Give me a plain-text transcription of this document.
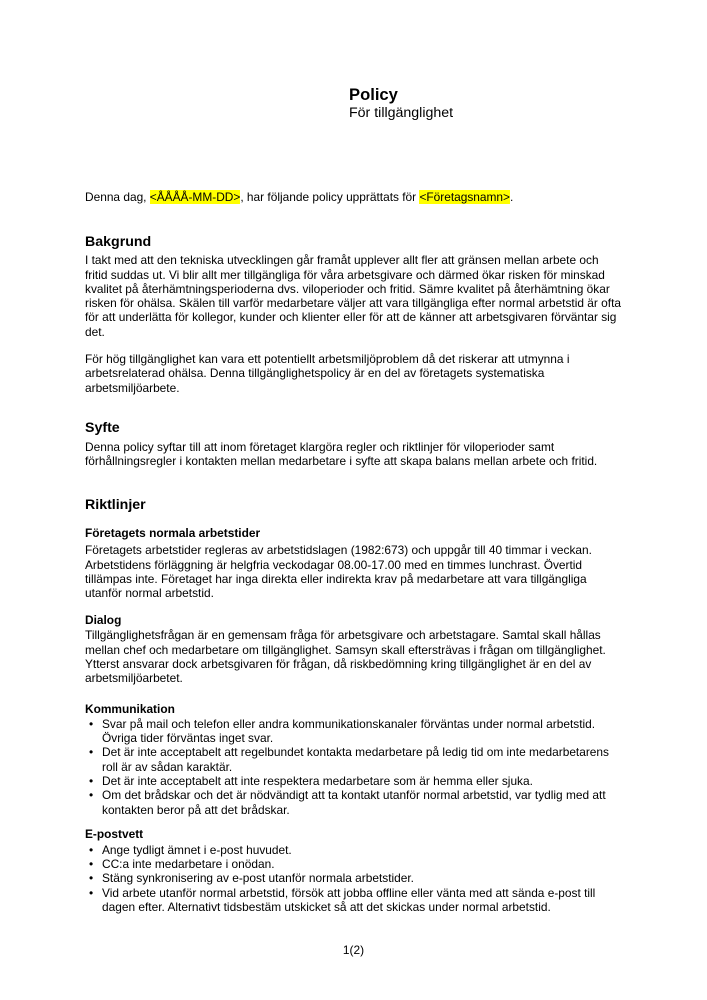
Policy
För tillgänglighet

Denna dag, <ÅÅÅÅ-MM-DD>, har följande policy upprättats för <Företagsnamn>.

Bakgrund

I takt med att den tekniska utvecklingen går framåt upplever allt fler att gränsen mellan arbete och fritid suddas ut. Vi blir allt mer tillgängliga för våra arbetsgivare och därmed ökar risken för minskad kvalitet på återhämtningsperioderna dvs. viloperioder och fritid. Sämre kvalitet på återhämtning ökar risken för ohälsa. Skälen till varför medarbetare väljer att vara tillgängliga efter normal arbetstid är ofta för att underlätta för kollegor, kunder och klienter eller för att de känner att arbetsgivaren förväntar sig det.

För hög tillgänglighet kan vara ett potentiellt arbetsmiljöproblem då det riskerar att utmynna i arbetsrelaterad ohälsa. Denna tillgänglighetspolicy är en del av företagets systematiska arbetsmiljöarbete.

Syfte

Denna policy syftar till att inom företaget klargöra regler och riktlinjer för viloperioder samt förhållningsregler i kontakten mellan medarbetare i syfte att skapa balans mellan arbete och fritid.

Riktlinjer
Företagets normala arbetstider

Företagets arbetstider regleras av arbetstidslagen (1982:673) och uppgår till 40 timmar i veckan. Arbetstidens förläggning är helgfria veckodagar 08.00-17.00 med en timmes lunchrast. Övertid tillämpas inte. Företaget har inga direkta eller indirekta krav på medarbetare att vara tillgängliga utanför normal arbetstid.

Dialog

Tillgänglighetsfrågan är en gemensam fråga för arbetsgivare och arbetstagare. Samtal skall hållas mellan chef och medarbetare om tillgänglighet. Samsyn skall eftersträvas i frågan om tillgänglighet. Ytterst ansvarar dock arbetsgivaren för frågan, då riskbedömning kring tillgänglighet är en del av arbetsmiljöarbetet.

Kommunikation
• Svar på mail och telefon eller andra kommunikationskanaler förväntas under normal arbetstid. Övriga tider förväntas inget svar.
• Det är inte acceptabelt att regelbundet kontakta medarbetare på ledig tid om inte medarbetarens roll är av sådan karaktär.
• Det är inte acceptabelt att inte respektera medarbetare som är hemma eller sjuka.
• Om det brådskar och det är nödvändigt att ta kontakt utanför normal arbetstid, var tydlig med att kontakten beror på att det brådskar.
E-postvett
• Ange tydligt ämnet i e-post huvudet.
• CC:a inte medarbetare i onödan.
• Stäng synkronisering av e-post utanför normala arbetstider.
• Vid arbete utanför normal arbetstid, försök att jobba offline eller vänta med att sända e-post till dagen efter. Alternativt tidsbestäm utskicket så att det skickas under normal arbetstid.
1(2)
